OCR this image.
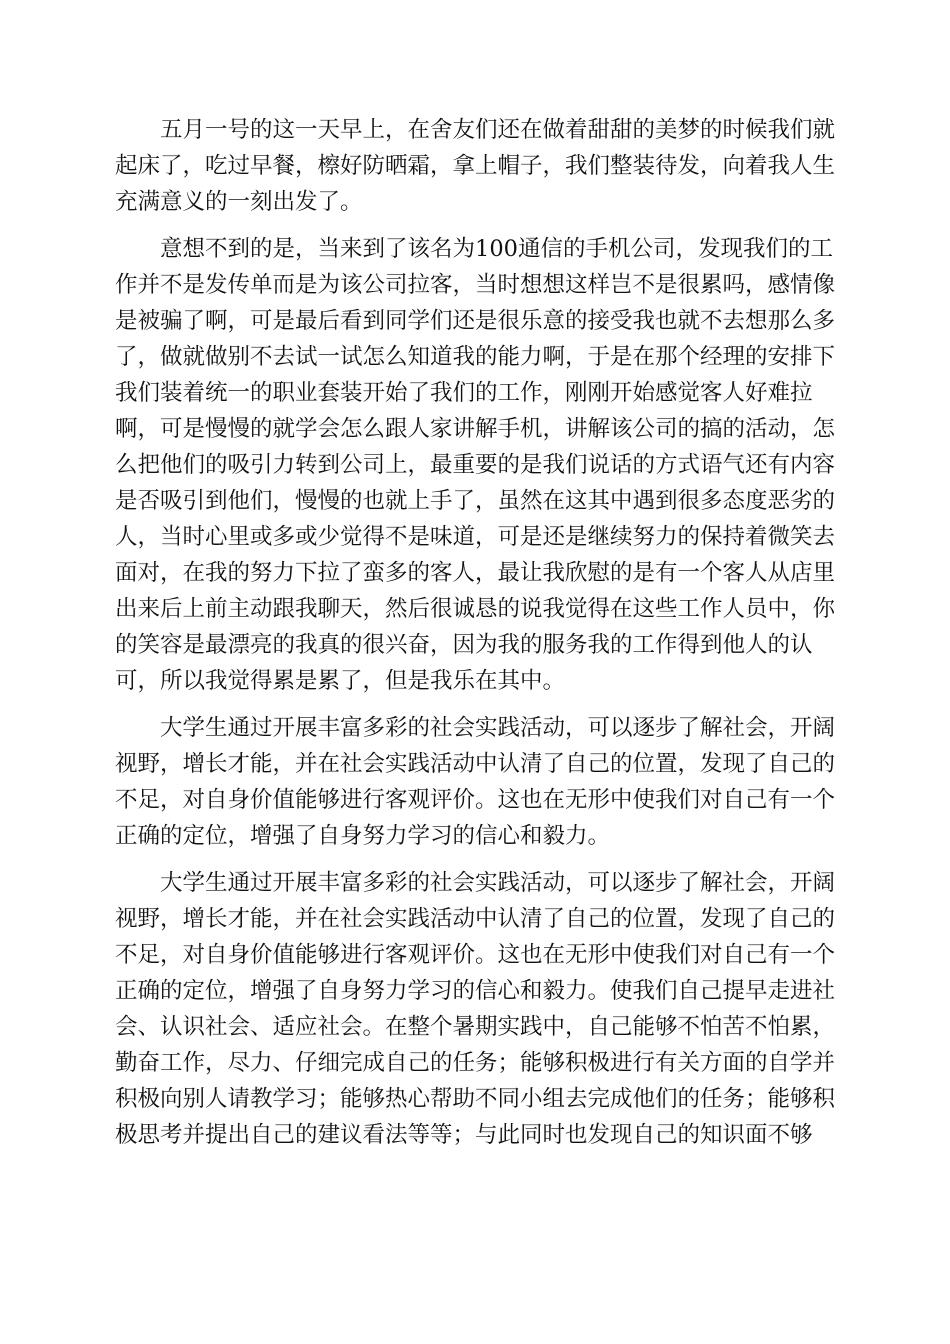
五月一号的这一天早上，在舍友们还在做着甜甜的美梦的时候我们就
起床了，吃过早餐，檫好防晒霜，拿上帽子，我们整装待发，向着我人生
充满意义的一刻出发了。
意想不到的是，当来到了该名为100通信的手机公司，发现我们的工
作并不是发传单而是为该公司拉客，当时想想这样岂不是很累吗，感情像
是被骗了啊，可是最后看到同学们还是很乐意的接受我也就不去想那么多
了，做就做别不去试一试怎么知道我的能力啊，于是在那个经理的安排下
我们装着统一的职业套装开始了我们的工作，刚刚开始感觉客人好难拉
啊，可是慢慢的就学会怎么跟人家讲解手机，讲解该公司的搞的活动，怎
么把他们的吸引力转到公司上，最重要的是我们说话的方式语气还有内容
是否吸引到他们，慢慢的也就上手了，虽然在这其中遇到很多态度恶劣的
人，当时心里或多或少觉得不是味道，可是还是继续努力的保持着微笑去
面对，在我的努力下拉了蛮多的客人，最让我欣慰的是有一个客人从店里
出来后上前主动跟我聊天，然后很诚恳的说我觉得在这些工作人员中，你
的笑容是最漂亮的我真的很兴奋，因为我的服务我的工作得到他人的认
可，所以我觉得累是累了，但是我乐在其中。
大学生通过开展丰富多彩的社会实践活动，可以逐步了解社会，开阔
视野，增长才能，并在社会实践活动中认清了自己的位置，发现了自己的
不足，对自身价值能够进行客观评价。这也在无形中使我们对自己有一个
正确的定位，增强了自身努力学习的信心和毅力。
大学生通过开展丰富多彩的社会实践活动，可以逐步了解社会，开阔
视野，增长才能，并在社会实践活动中认清了自己的位置，发现了自己的
不足，对自身价值能够进行客观评价。这也在无形中使我们对自己有一个
正确的定位，增强了自身努力学习的信心和毅力。使我们自己提早走进社
会、认识社会、适应社会。在整个暑期实践中，自己能够不怕苦不怕累，
勤奋工作，尽力、仔细完成自己的任务；能够积极进行有关方面的自学并
积极向别人请教学习；能够热心帮助不同小组去完成他们的任务；能够积
极思考并提出自己的建议看法等等；与此同时也发现自己的知识面不够
